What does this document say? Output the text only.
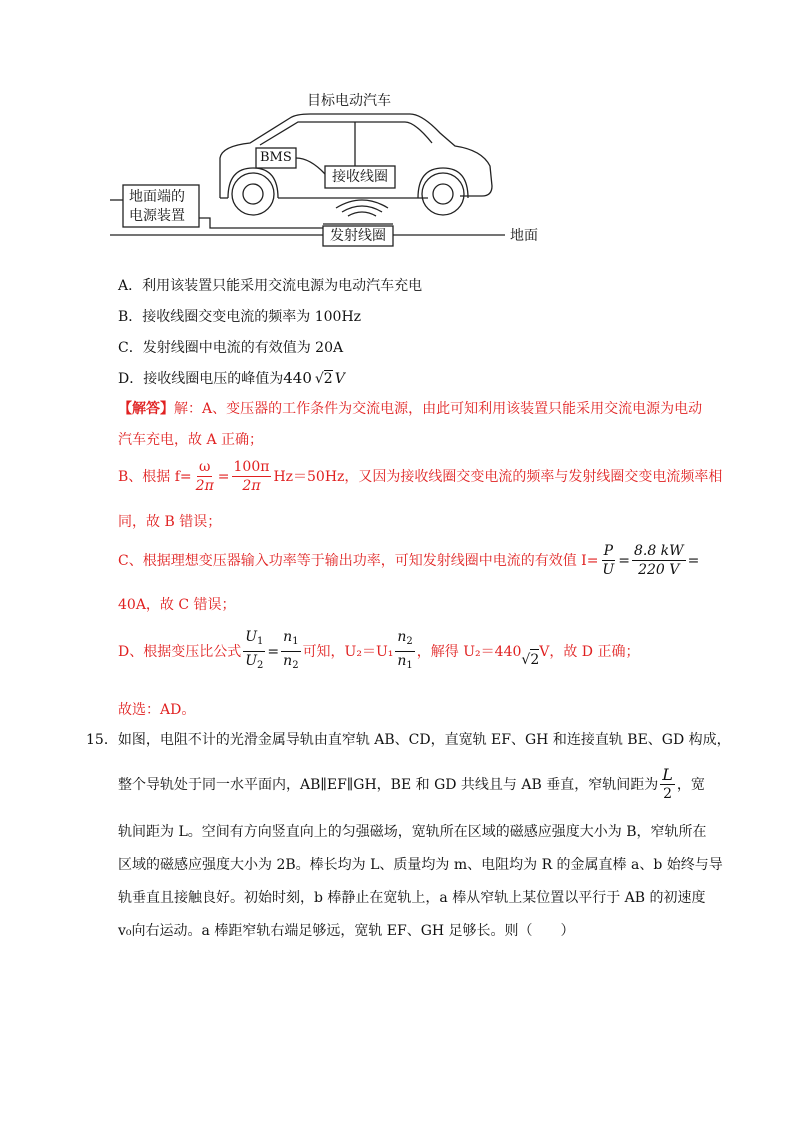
目标电动汽车
BMS
接收线圈
地面端的
电源装置
发射线圈	地面
A．利用该装置只能采用交流电源为电动汽车充电
B．接收线圈交变电流的频率为 100Hz
C．发射线圈中电流的有效值为 20A
D．接收线圈电压的峰值为440 √2 V
【解答】解：A、变压器的工作条件为交流电源，由此可知利用该装置只能采用交流电源为电动
汽车充电，故 A 正确；
B、根据 $f= \frac{\omega}{2\pi} = \frac{100\pi}{2\pi} Hz=50Hz$，又因为接收线圈交变电流的频率与发射线圈交变电流频率相
同，故 B 错误；
C、根据理想变压器输入功率等于输出功率，可知发射线圈中电流的有效值 $I= \frac{P}{U} = \frac{8.8 kW}{220 V}$ =
40A，故 C 错误；
D、根据变压比公式 $\frac{U_1}{U_2} = \frac{n_1}{n_2}$ 可知，$U_2=U_1 \frac{n_2}{n_1}$ ，解得 U₂＝440 √ 2
V，故 D 正确；
故选：AD。
15．如图，电阻不计的光滑金属导轨由直窄轨 AB、CD，直宽轨 EF、GH 和连接直轨 BE、GD 构成，
整个导轨处于同一水平面内，AB∥EF∥GH，BE 和 GD 共线且与 AB 垂直，窄轨间距为 $\frac{L}{2}$ ，宽
轨间距为 L。空间有方向竖直向上的匀强磁场，宽轨所在区域的磁感应强度大小为 B，窄轨所在
区域的磁感应强度大小为 2B。棒长均为 L、质量均为 m、电阻均为 R 的金属直棒 a、b 始终与导
轨垂直且接触良好。初始时刻，b 棒静止在宽轨上，a 棒从窄轨上某位置以平行于 AB 的初速度
v₀向右运动。a 棒距窄轨右端足够远，宽轨 EF、GH 足够长。则（　　）
